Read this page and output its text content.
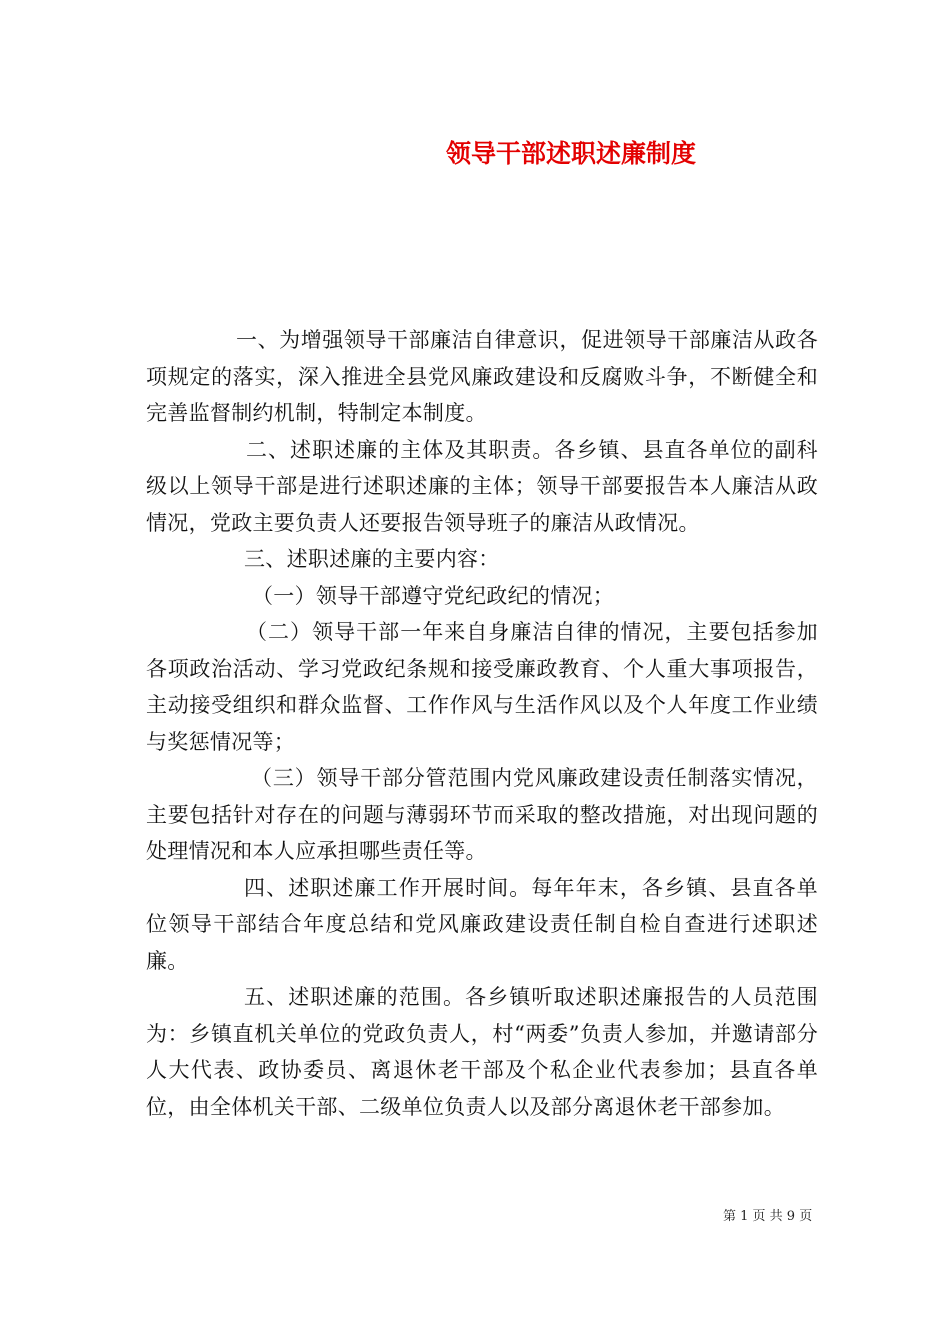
领导干部述职述廉制度

一、为增强领导干部廉洁自律意识，促进领导干部廉洁从政各项规定的落实，深入推进全县党风廉政建设和反腐败斗争，不断健全和完善监督制约机制，特制定本制度。

二、述职述廉的主体及其职责。各乡镇、县直各单位的副科级以上领导干部是进行述职述廉的主体；领导干部要报告本人廉洁从政情况，党政主要负责人还要报告领导班子的廉洁从政情况。

三、述职述廉的主要内容：

（一）领导干部遵守党纪政纪的情况；

（二）领导干部一年来自身廉洁自律的情况，主要包括参加各项政治活动、学习党政纪条规和接受廉政教育、个人重大事项报告，主动接受组织和群众监督、工作作风与生活作风以及个人年度工作业绩与奖惩情况等；

（三）领导干部分管范围内党风廉政建设责任制落实情况，主要包括针对存在的问题与薄弱环节而采取的整改措施，对出现问题的处理情况和本人应承担哪些责任等。

四、述职述廉工作开展时间。每年年末，各乡镇、县直各单位领导干部结合年度总结和党风廉政建设责任制自检自查进行述职述廉。

五、述职述廉的范围。各乡镇听取述职述廉报告的人员范围为：乡镇直机关单位的党政负责人，村“两委”负责人参加，并邀请部分人大代表、政协委员、离退休老干部及个私企业代表参加；县直各单位，由全体机关干部、二级单位负责人以及部分离退休老干部参加。

第 1 页 共 9 页
